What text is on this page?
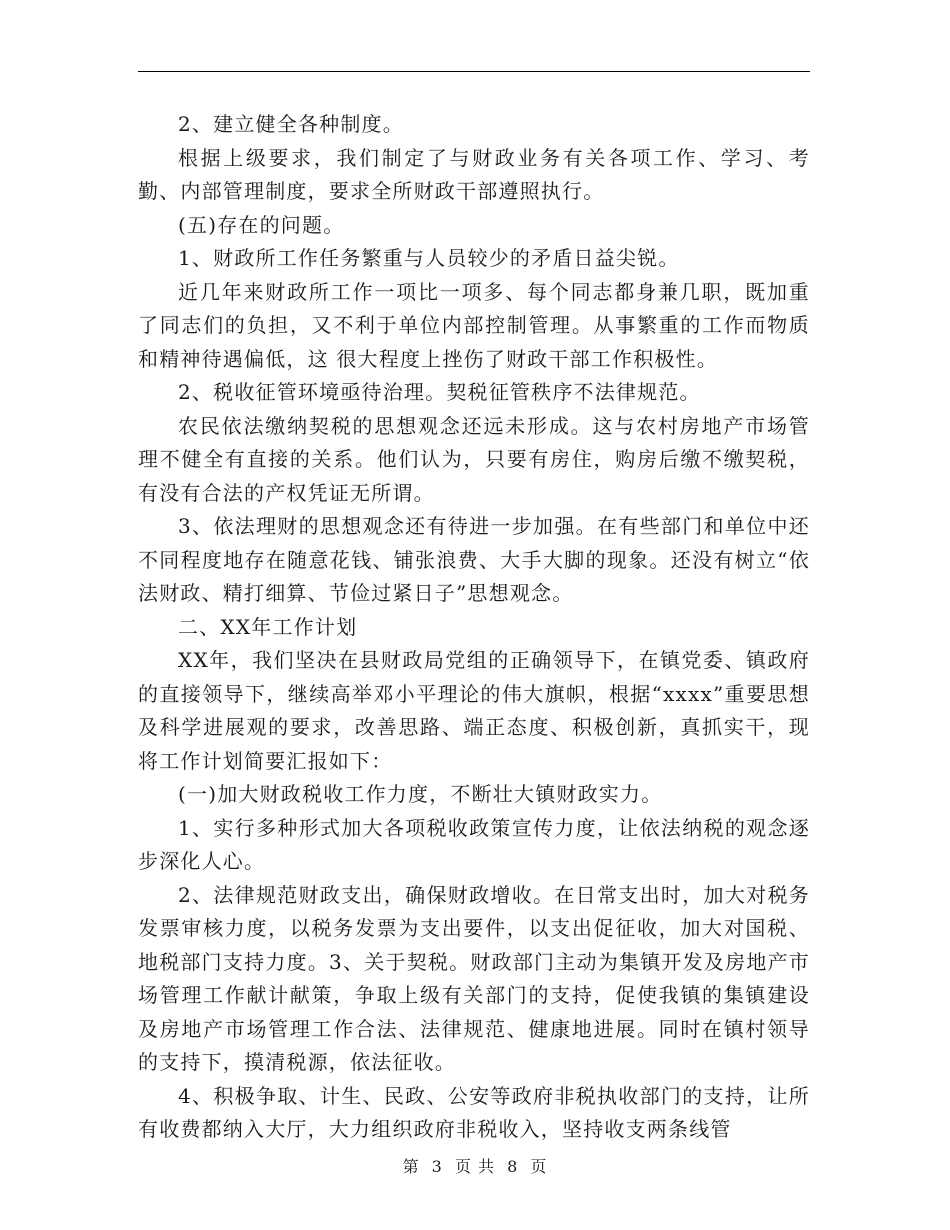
2、建立健全各种制度。

根据上级要求，我们制定了与财政业务有关各项工作、学习、考勤、内部管理制度，要求全所财政干部遵照执行。

(五)存在的问题。

1、财政所工作任务繁重与人员较少的矛盾日益尖锐。

近几年来财政所工作一项比一项多、每个同志都身兼几职，既加重了同志们的负担，又不利于单位内部控制管理。从事繁重的工作而物质和精神待遇偏低，这 很大程度上挫伤了财政干部工作积极性。

2、税收征管环境亟待治理。契税征管秩序不法律规范。

农民依法缴纳契税的思想观念还远未形成。这与农村房地产市场管理不健全有直接的关系。他们认为，只要有房住，购房后缴不缴契税，有没有合法的产权凭证无所谓。

3、依法理财的思想观念还有待进一步加强。在有些部门和单位中还不同程度地存在随意花钱、铺张浪费、大手大脚的现象。还没有树立“依法财政、精打细算、节俭过紧日子”思想观念。

二、XX年工作计划

XX年，我们坚决在县财政局党组的正确领导下，在镇党委、镇政府的直接领导下，继续高举邓小平理论的伟大旗帜，根据“xxxx”重要思想及科学进展观的要求，改善思路、端正态度、积极创新，真抓实干，现将工作计划简要汇报如下：

(一)加大财政税收工作力度，不断壮大镇财政实力。

1、实行多种形式加大各项税收政策宣传力度，让依法纳税的观念逐步深化人心。

2、法律规范财政支出，确保财政增收。在日常支出时，加大对税务发票审核力度，以税务发票为支出要件，以支出促征收，加大对国税、地税部门支持力度。3、关于契税。财政部门主动为集镇开发及房地产市场管理工作献计献策，争取上级有关部门的支持，促使我镇的集镇建设及房地产市场管理工作合法、法律规范、健康地进展。同时在镇村领导的支持下，摸清税源，依法征收。

4、积极争取、计生、民政、公安等政府非税执收部门的支持，让所有收费都纳入大厅，大力组织政府非税收入，坚持收支两条线管

第 3 页 共 8 页
